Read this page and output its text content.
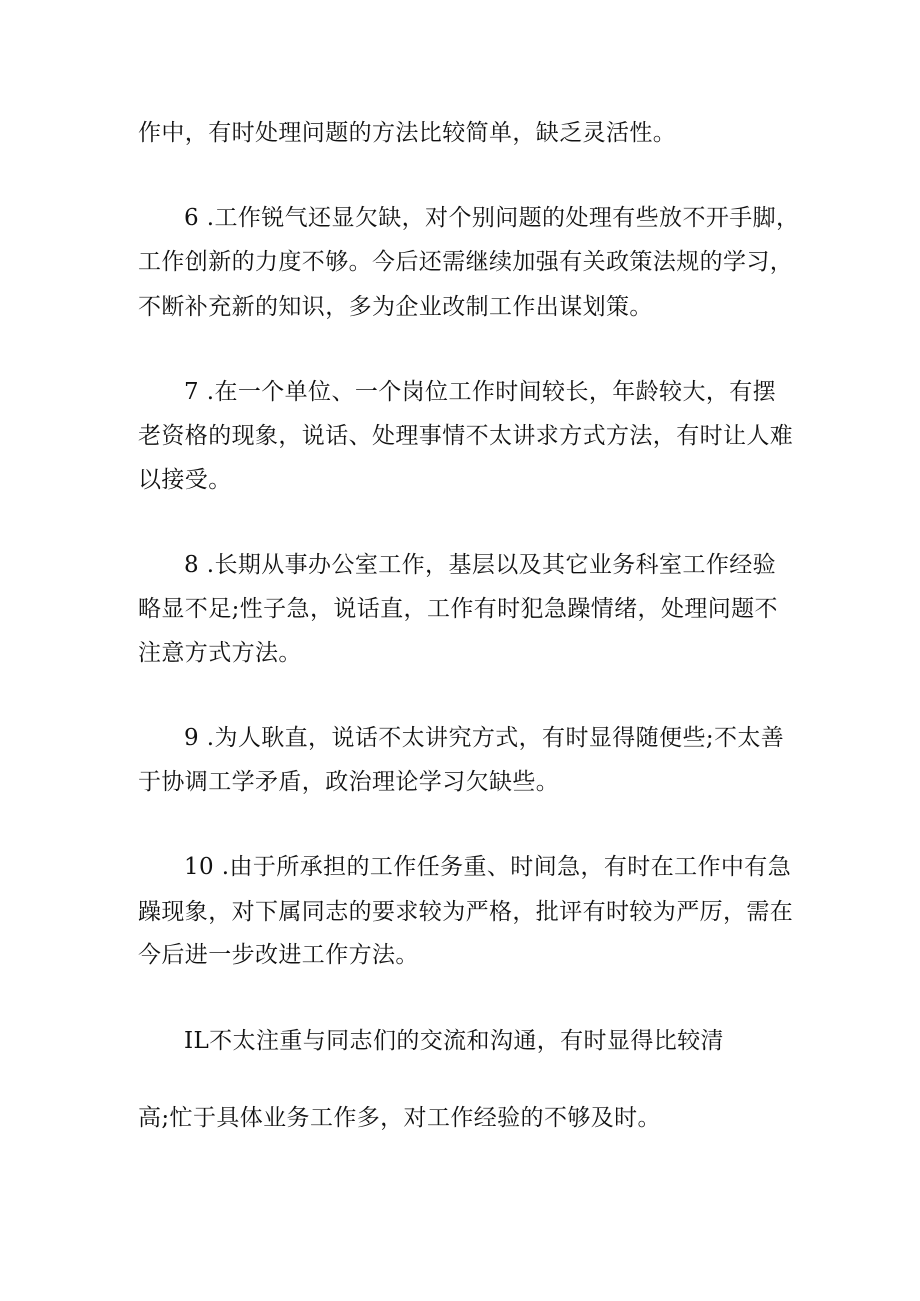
作中，有时处理问题的方法比较简单，缺乏灵活性。
6 .工作锐气还显欠缺，对个别问题的处理有些放不开手脚，
工作创新的力度不够。今后还需继续加强有关政策法规的学习，
不断补充新的知识，多为企业改制工作出谋划策。
7 .在一个单位、一个岗位工作时间较长，年龄较大，有摆
老资格的现象，说话、处理事情不太讲求方式方法，有时让人难
以接受。
8 .长期从事办公室工作，基层以及其它业务科室工作经验
略显不足;性子急，说话直，工作有时犯急躁情绪，处理问题不
注意方式方法。
9 .为人耿直，说话不太讲究方式，有时显得随便些;不太善
于协调工学矛盾，政治理论学习欠缺些。
10 .由于所承担的工作任务重、时间急，有时在工作中有急
躁现象，对下属同志的要求较为严格，批评有时较为严厉，需在
今后进一步改进工作方法。
IL不太注重与同志们的交流和沟通，有时显得比较清
高;忙于具体业务工作多，对工作经验的不够及时。
